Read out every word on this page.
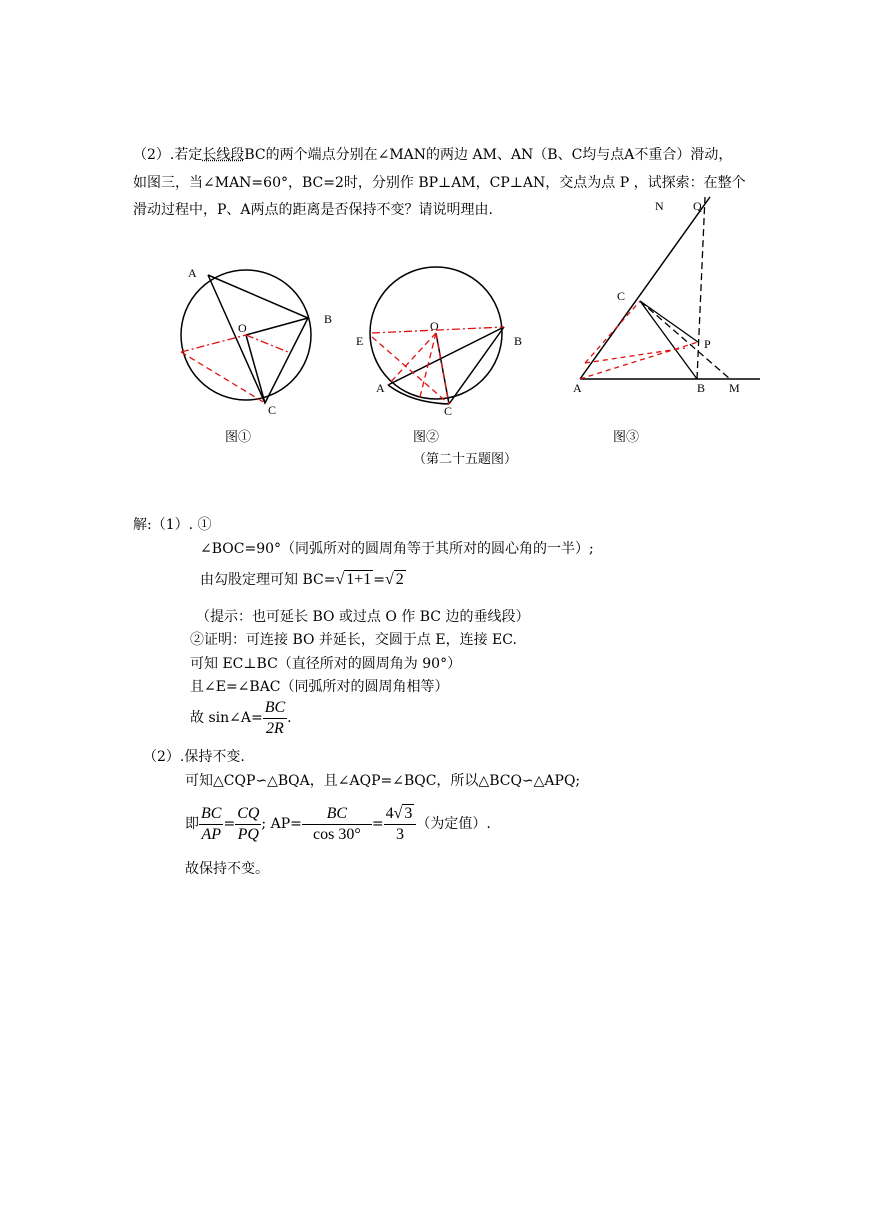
（2）.若定长线段BC的两个端点分别在∠MAN的两边 AM、AN（B、C均与点A不重合）滑动，
如图三，当∠MAN=60°，BC=2时，分别作 BP⊥AM，CP⊥AN，交点为点 P ，试探索：在整个
滑动过程中，P、A两点的距离是否保持不变？请说明理由.
A
B
C
O
图①
E
A
B
C
O
图②
A	B M
C
P
N Q
图③
（第二十五题图）
解:（1）. ①
∠BOC=90°（同弧所对的圆周角等于其所对的圆心角的一半）;
由勾股定理可知 BC=√ 1+1 =√ 2
（提示：也可延长 BO 或过点 O 作 BC 边的垂线段）
②证明：可连接 BO 并延长，交圆于点 E，连接 EC.
可知 EC⊥BC（直径所对的圆周角为 90°）
且∠E=∠BAC（同弧所对的圆周角相等）
故 sin∠A= $\frac{BC}{2R}$ .
（2）.保持不变.
可知△CQP∽△BQA，且∠AQP=∠BQC，所以△BCQ∽△APQ;
即 $\frac{BC}{AP} = \frac{CQ}{PQ}$ ; $AP= \frac{BC}{\cos 30^\circ} = \frac{4√ 3}{3}$ （为定值）.
故保持不变。
